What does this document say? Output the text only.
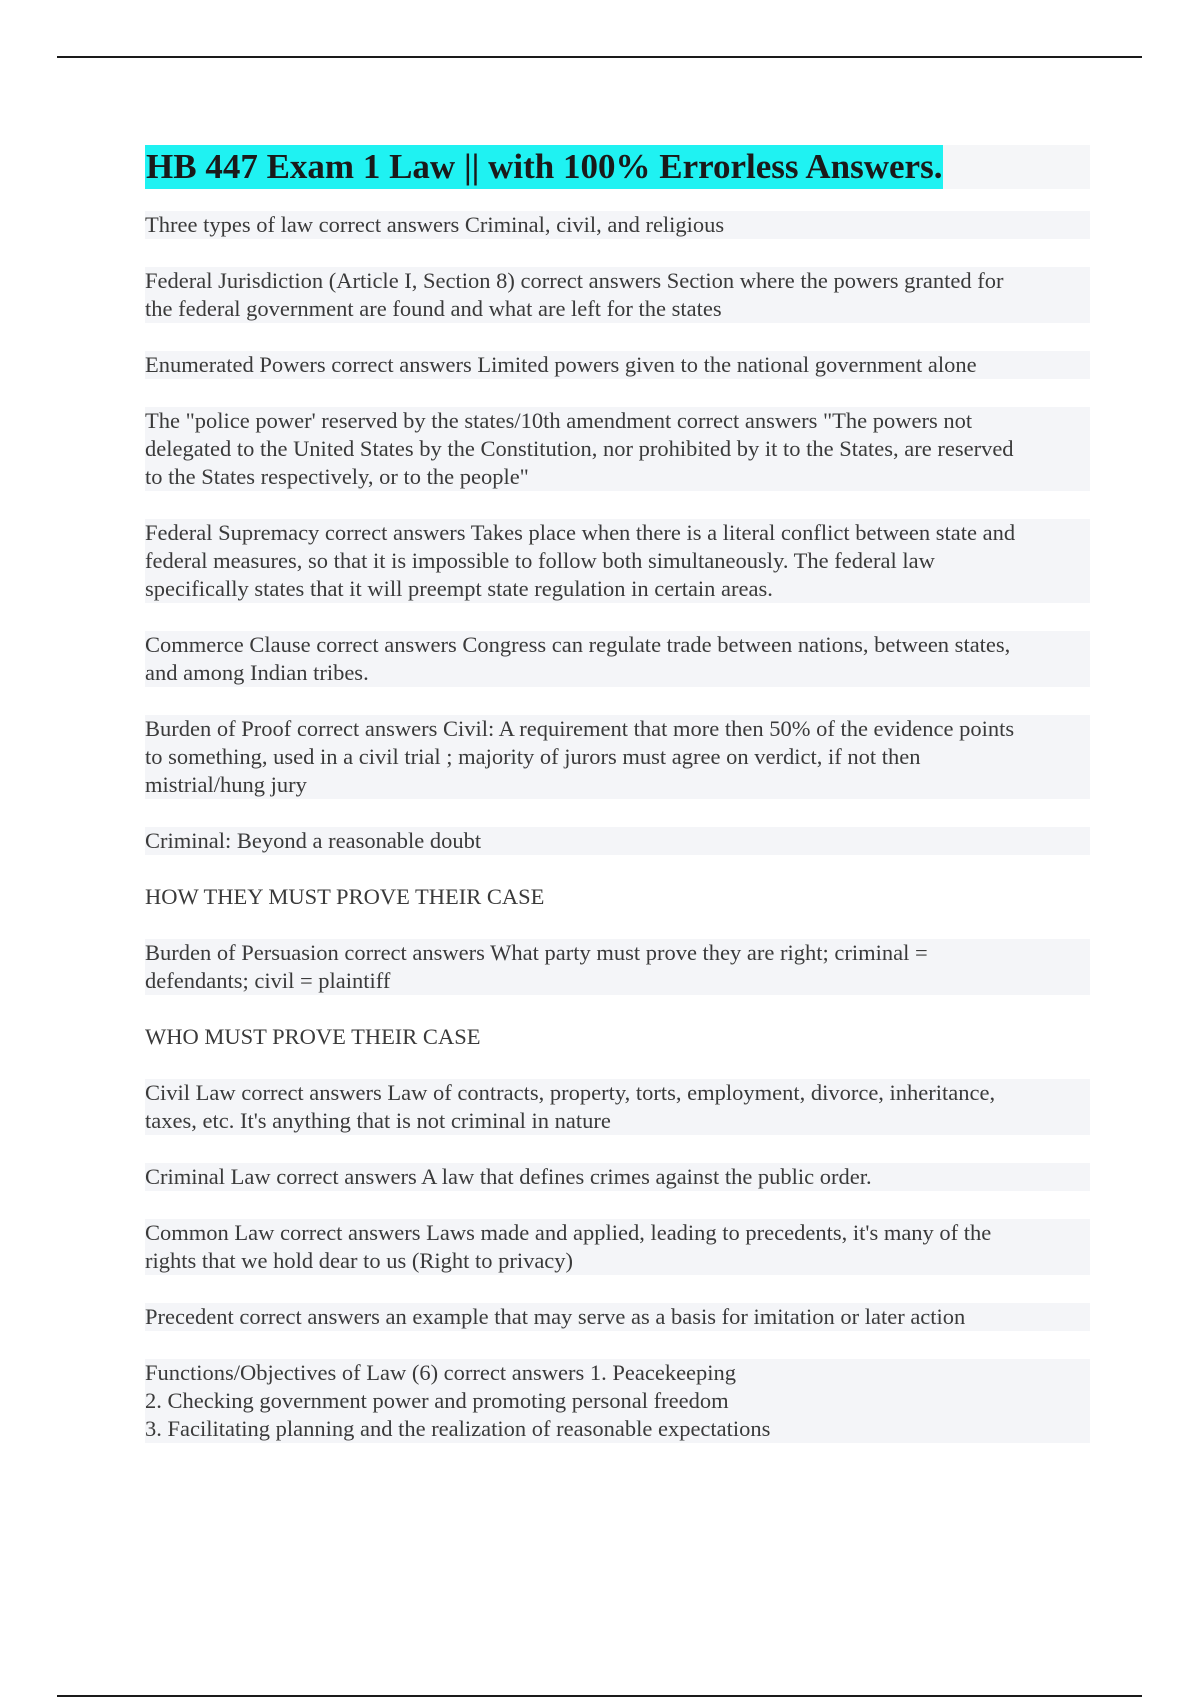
HB 447 Exam 1 Law || with 100% Errorless Answers.
Three types of law correct answers Criminal, civil, and religious
Federal Jurisdiction (Article I, Section 8) correct answers Section where the powers granted for
the federal government are found and what are left for the states
Enumerated Powers correct answers Limited powers given to the national government alone
The "police power' reserved by the states/10th amendment correct answers "The powers not
delegated to the United States by the Constitution, nor prohibited by it to the States, are reserved
to the States respectively, or to the people"
Federal Supremacy correct answers Takes place when there is a literal conflict between state and
federal measures, so that it is impossible to follow both simultaneously. The federal law
specifically states that it will preempt state regulation in certain areas.
Commerce Clause correct answers Congress can regulate trade between nations, between states,
and among Indian tribes.
Burden of Proof correct answers Civil: A requirement that more then 50% of the evidence points
to something, used in a civil trial ; majority of jurors must agree on verdict, if not then
mistrial/hung jury
Criminal: Beyond a reasonable doubt
HOW THEY MUST PROVE THEIR CASE
Burden of Persuasion correct answers What party must prove they are right; criminal =
defendants; civil = plaintiff
WHO MUST PROVE THEIR CASE
Civil Law correct answers Law of contracts, property, torts, employment, divorce, inheritance,
taxes, etc. It's anything that is not criminal in nature
Criminal Law correct answers A law that defines crimes against the public order.
Common Law correct answers Laws made and applied, leading to precedents, it's many of the
rights that we hold dear to us (Right to privacy)
Precedent correct answers an example that may serve as a basis for imitation or later action
Functions/Objectives of Law (6) correct answers 1. Peacekeeping
2. Checking government power and promoting personal freedom
3. Facilitating planning and the realization of reasonable expectations
